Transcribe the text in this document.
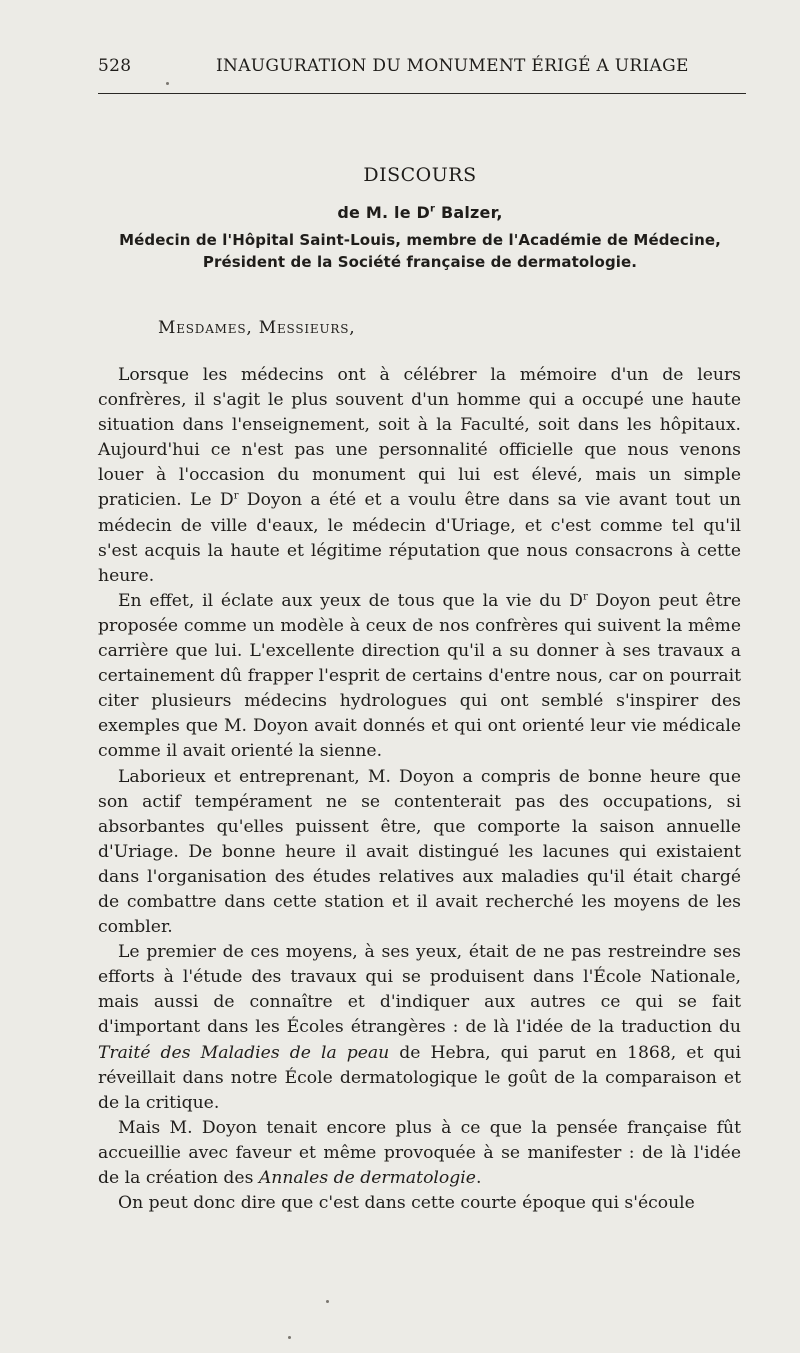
528	INAUGURATION DU MONUMENT ÉRIGÉ A URIAGE
DISCOURS
de M. le $D^r$ Balzer,
Médecin de l'Hôpital Saint-Louis, membre de l'Académie de Médecine,
Président de la Société française de dermatologie.
Mesdames, Messieurs,

Lorsque les médecins ont à célébrer la mémoire d'un de leurs confrères, il s'agit le plus souvent d'un homme qui a occupé une haute situation dans l'enseignement, soit à la Faculté, soit dans les hôpitaux. Aujourd'hui ce n'est pas une personnalité officielle que nous venons louer à l'occasion du monument qui lui est élevé, mais un simple praticien. Le $D^r$ Doyon a été et a voulu être dans sa vie avant tout un médecin de ville d'eaux, le médecin d'Uriage, et c'est comme tel qu'il s'est acquis la haute et légitime réputation que nous consacrons à cette heure.

En effet, il éclate aux yeux de tous que la vie du $D^r$ Doyon peut être proposée comme un modèle à ceux de nos confrères qui suivent la même carrière que lui. L'excellente direction qu'il a su donner à ses travaux a certainement dû frapper l'esprit de certains d'entre nous, car on pourrait citer plusieurs médecins hydrologues qui ont semblé s'inspirer des exemples que M. Doyon avait donnés et qui ont orienté leur vie médicale comme il avait orienté la sienne.

Laborieux et entreprenant, M. Doyon a compris de bonne heure que son actif tempérament ne se contenterait pas des occupations, si absorbantes qu'elles puissent être, que comporte la saison annuelle d'Uriage. De bonne heure il avait distingué les lacunes qui existaient dans l'organisation des études relatives aux maladies qu'il était chargé de combattre dans cette station et il avait recherché les moyens de les combler.

Le premier de ces moyens, à ses yeux, était de ne pas restreindre ses efforts à l'étude des travaux qui se produisent dans l'École Nationale, mais aussi de connaître et d'indiquer aux autres ce qui se fait d'important dans les Écoles étrangères : de là l'idée de la traduction du Traité des Maladies de la peau de Hebra, qui parut en 1868, et qui réveillait dans notre École dermatologique le goût de la comparaison et de la critique.

Mais M. Doyon tenait encore plus à ce que la pensée française fût accueillie avec faveur et même provoquée à se manifester : de là l'idée de la création des Annales de dermatologie.

On peut donc dire que c'est dans cette courte époque qui s'écoule
